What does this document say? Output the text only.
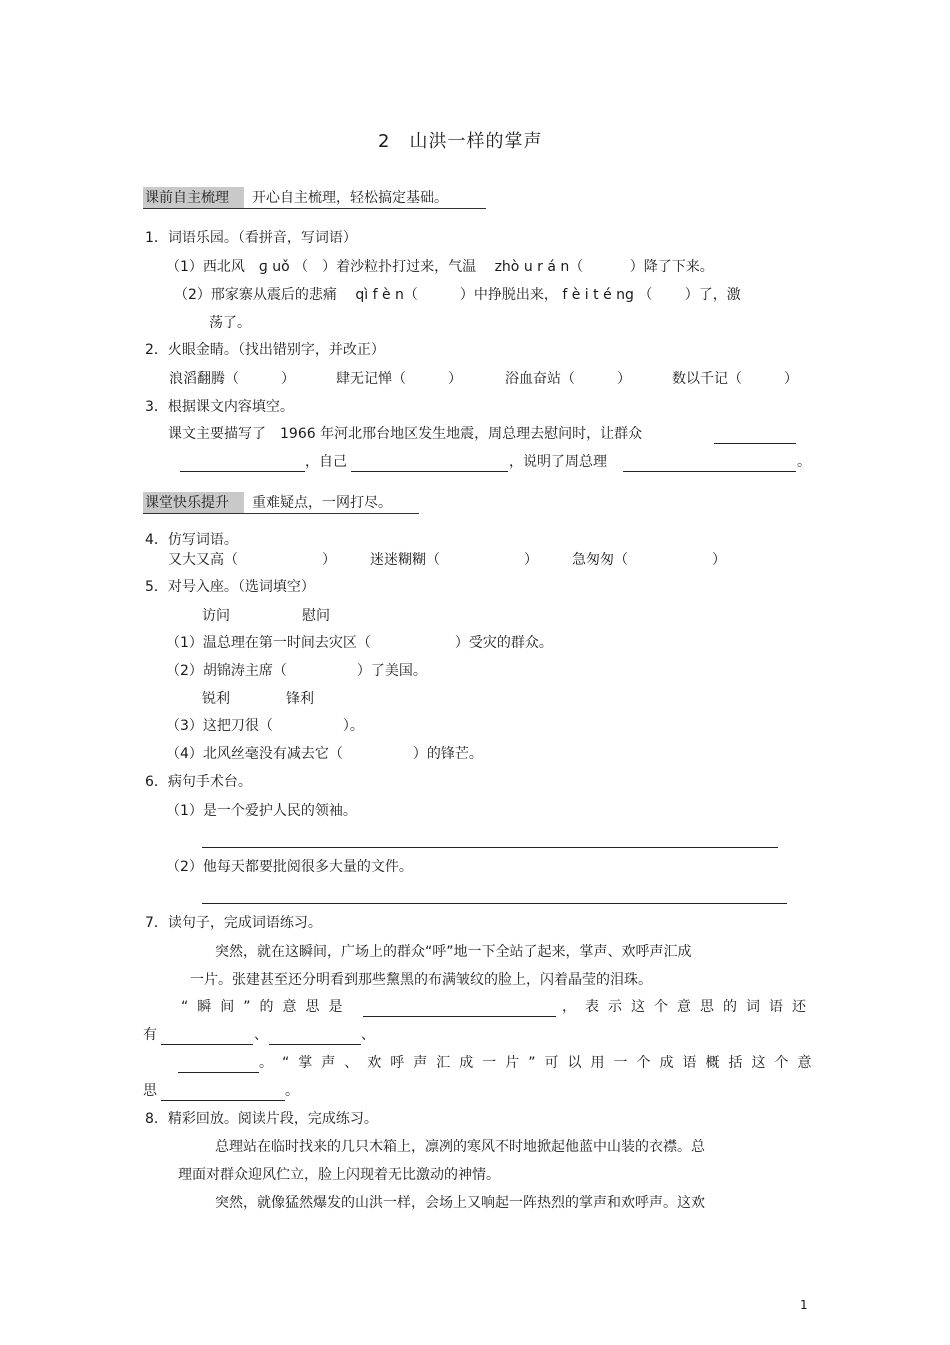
2　山洪一样的掌声
课前自主梳理	开心自主梳理，轻松搞定基础。
1．词语乐园。（看拼音，写词语）
（1）西北风　ɡ uǒ （　）着沙粒扑打过来，气温　 zhò u r á n（　　　 ）降了下来。
（2）邢家寨从震后的悲痛　 qì f è n（　　　）中挣脱出来， f è i t é ng （　　 ）了，激
荡了。
2．火眼金睛。（找出错别字，并改正）
浪滔翻腾（　　　）	肆无记惮（　　　）	浴血奋站（　　　）	数以千记（　　　）
3．根据课文内容填空。
课文主要描写了　1966 年河北邢台地区发生地震，周总理去慰问时，让群众
，自己	，说明了周总理	。
课堂快乐提升	重难疑点，一网打尽。
4．仿写词语。
又大又高（　　　　　　） 迷迷糊糊（　　　　　　） 急匆匆（　　　　　　）
5．对号入座。（选词填空）
访问	慰问
（1）温总理在第一时间去灾区（　　　　　　）受灾的群众。
（2）胡锦涛主席（　　　　　）了美国。
锐利	锋利
（3）这把刀很（　　　　　）。
（4）北风丝毫没有减去它（　　　　　）的锋芒。
6．病句手术台。
（1）是一个爱护人民的领袖。
（2）他每天都要批阅很多大量的文件。
7．读句子，完成词语练习。
突然，就在这瞬间，广场上的群众“呼”地一下全站了起来，掌声、欢呼声汇成
一片。张建甚至还分明看到那些黧黑的布满皱纹的脸上，闪着晶莹的泪珠。
“瞬间”的意思是	，表示这个意思的词语还
有	、	、
。“掌声、欢呼声汇成一片”可以用一个成语概括这个意
思	。
8．精彩回放。阅读片段，完成练习。
总理站在临时找来的几只木箱上，凛冽的寒风不时地掀起他蓝中山装的衣襟。总
理面对群众迎风伫立，脸上闪现着无比激动的神情。
突然，就像猛然爆发的山洪一样，会场上又响起一阵热烈的掌声和欢呼声。这欢
1
